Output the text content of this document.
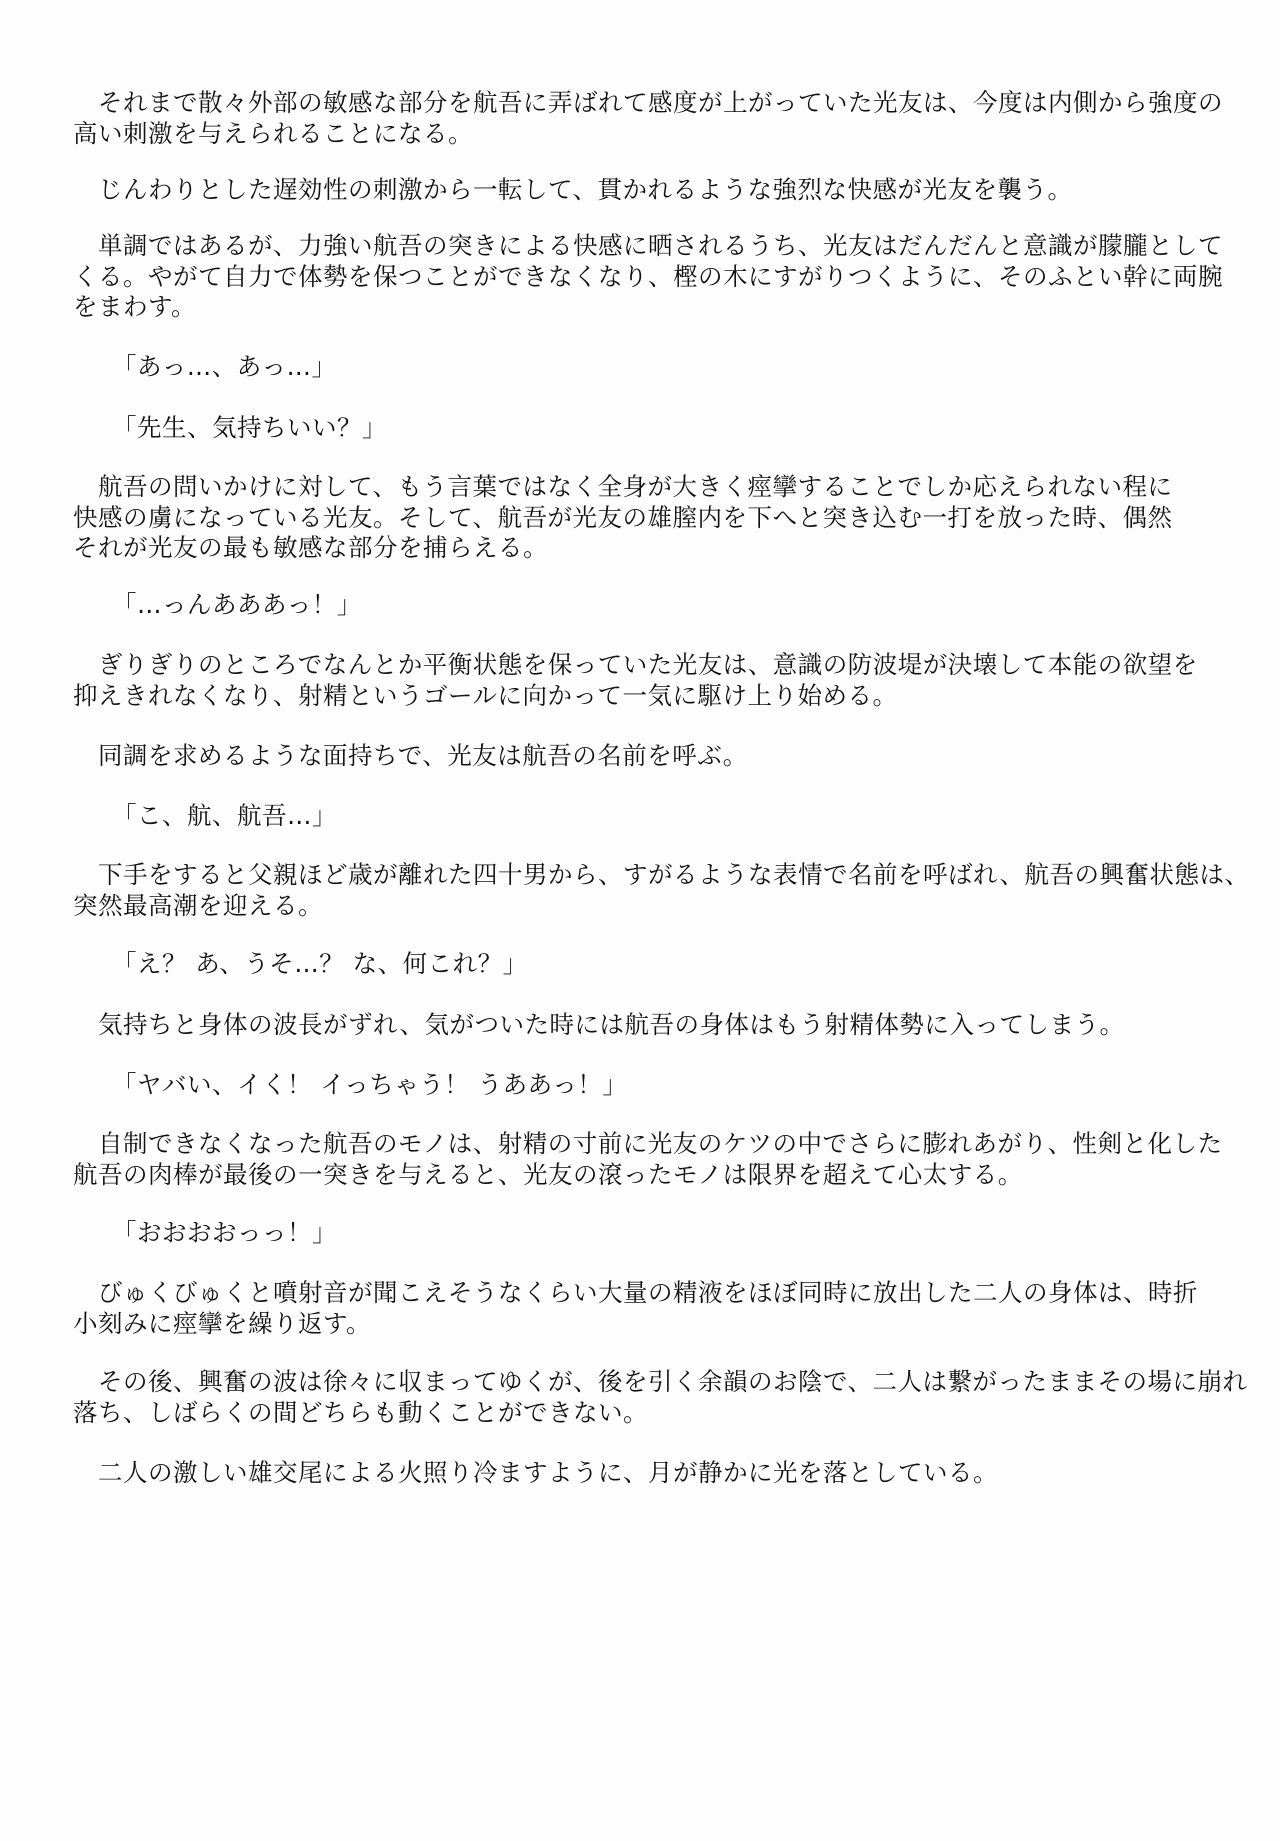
　それまで散々外部の敏感な部分を航吾に弄ばれて感度が上がっていた光友は、今度は内側から強度の
高い刺激を与えられることになる。
　じんわりとした遅効性の刺激から一転して、貫かれるような強烈な快感が光友を襲う。
　単調ではあるが、力強い航吾の突きによる快感に晒されるうち、光友はだんだんと意識が朦朧として
くる。やがて自力で体勢を保つことができなくなり、樫の木にすがりつくように、そのふとい幹に両腕
をまわす。
「あっ…、あっ…」
「先生、気持ちいい？」
　航吾の問いかけに対して、もう言葉ではなく全身が大きく痙攣することでしか応えられない程に
快感の虜になっている光友。そして、航吾が光友の雄膣内を下へと突き込む一打を放った時、偶然
それが光友の最も敏感な部分を捕らえる。
「…っんあああっ！」
　ぎりぎりのところでなんとか平衡状態を保っていた光友は、意識の防波堤が決壊して本能の欲望を
抑えきれなくなり、射精というゴールに向かって一気に駆け上り始める。
　同調を求めるような面持ちで、光友は航吾の名前を呼ぶ。
「こ、航、航吾…」
　下手をすると父親ほど歳が離れた四十男から、すがるような表情で名前を呼ばれ、航吾の興奮状態は、
突然最高潮を迎える。
「え？ あ、うそ…？ な、何これ？」
　気持ちと身体の波長がずれ、気がついた時には航吾の身体はもう射精体勢に入ってしまう。
「ヤバい、イく！ イっちゃう！ うああっ！」
　自制できなくなった航吾のモノは、射精の寸前に光友のケツの中でさらに膨れあがり、性剣と化した
航吾の肉棒が最後の一突きを与えると、光友の滾ったモノは限界を超えて心太する。
「おおおおっっ！」
　びゅくびゅくと噴射音が聞こえそうなくらい大量の精液をほぼ同時に放出した二人の身体は、時折
小刻みに痙攣を繰り返す。
　その後、興奮の波は徐々に収まってゆくが、後を引く余韻のお陰で、二人は繋がったままその場に崩れ
落ち、しばらくの間どちらも動くことができない。
　二人の激しい雄交尾による火照り冷ますように、月が静かに光を落としている。
